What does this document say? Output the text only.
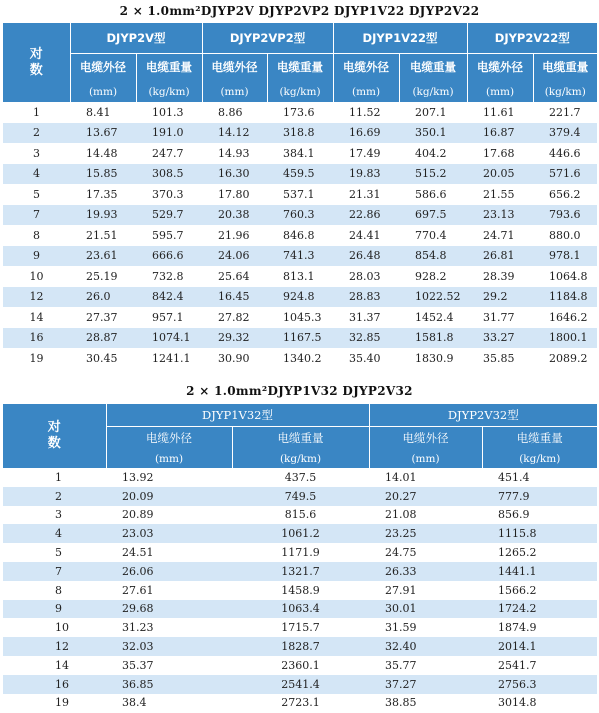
2 × 1.0mm²DJYP2V DJYP2VP2 DJYP1V22 DJYP2V22
对
数	DJYP2V型		DJYP2VP2型		DJYP1V22型		DJYP2V22型	
	电缆外径	电缆重量	电缆外径	电缆重量	电缆外径	电缆重量	电缆外径	电缆重量
	(mm)	(kg/km)	(mm)	(kg/km)	(mm)	(kg/km)	(mm)	(kg/km)
1	8.41	101.3	8.86	173.6	11.52	207.1	11.61	221.7
2	13.67	191.0	14.12	318.8	16.69	350.1	16.87	379.4
3	14.48	247.7	14.93	384.1	17.49	404.2	17.68	446.6
4	15.85	308.5	16.30	459.5	19.83	515.2	20.05	571.6
5	17.35	370.3	17.80	537.1	21.31	586.6	21.55	656.2
7	19.93	529.7	20.38	760.3	22.86	697.5	23.13	793.6
8	21.51	595.7	21.96	846.8	24.41	770.4	24.71	880.0
9	23.61	666.6	24.06	741.3	26.48	854.8	26.81	978.1
10	25.19	732.8	25.64	813.1	28.03	928.2	28.39	1064.8
12	26.0	842.4	16.45	924.8	28.83	1022.52	29.2	1184.8
14	27.37	957.1	27.82	1045.3	31.37	1452.4	31.77	1646.2
16	28.87	1074.1	29.32	1167.5	32.85	1581.8	33.27	1800.1
19	30.45	1241.1	30.90	1340.2	35.40	1830.9	35.85	2089.2
2 × 1.0mm²DJYP1V32 DJYP2V32
对
数	DJYP1V32型		DJYP2V32型	
	电缆外径	电缆重量	电缆外径	电缆重量
	(mm)	(kg/km)	(mm)	(kg/km)
1	13.92	437.5	14.01	451.4
2	20.09	749.5	20.27	777.9
3	20.89	815.6	21.08	856.9
4	23.03	1061.2	23.25	1115.8
5	24.51	1171.9	24.75	1265.2
7	26.06	1321.7	26.33	1441.1
8	27.61	1458.9	27.91	1566.2
9	29.68	1063.4	30.01	1724.2
10	31.23	1715.7	31.59	1874.9
12	32.03	1828.7	32.40	2014.1
14	35.37	2360.1	35.77	2541.7
16	36.85	2541.4	37.27	2756.3
19	38.4	2723.1	38.85	3014.8
